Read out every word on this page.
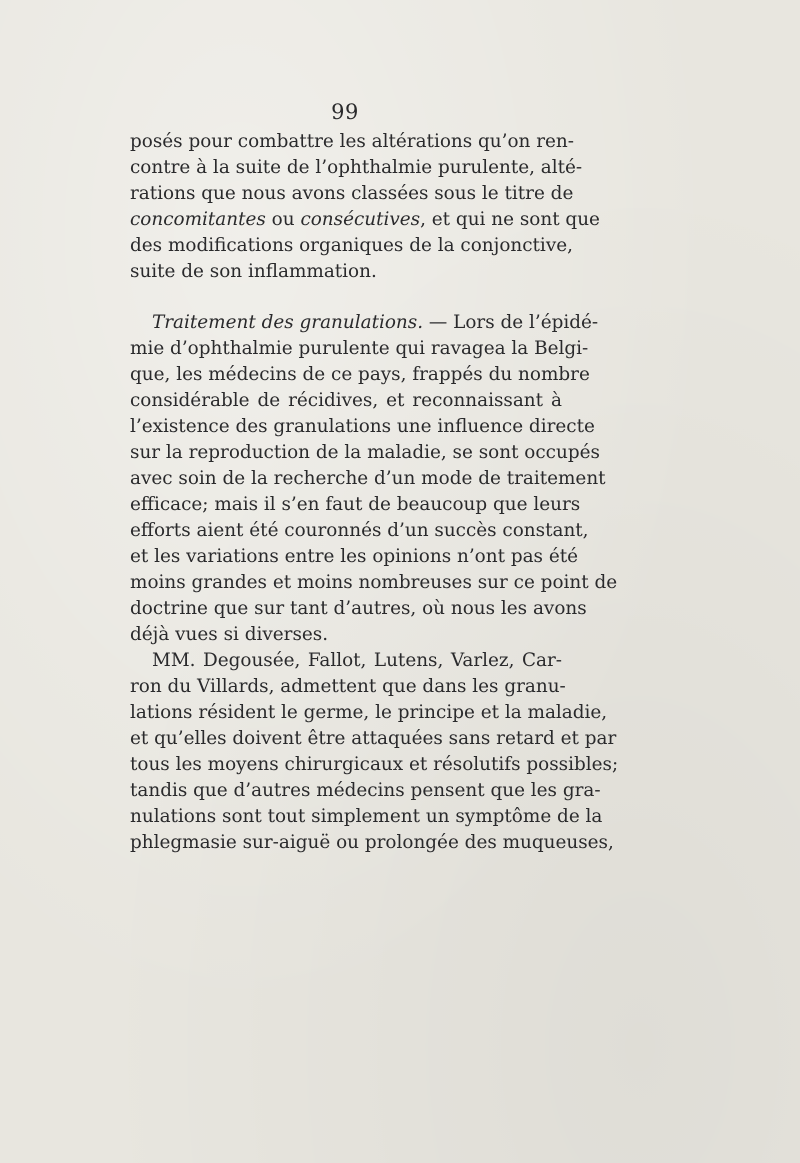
99
posés pour combattre les altérations qu’on ren-
contre à la suite de l’ophthalmie purulente, alté-
rations que nous avons classées sous le titre de
concomitantes ou consécutives, et qui ne sont que
des modifications organiques de la conjonctive,
suite de son inflammation.
Traitement des granulations. — Lors de l’épidé-
mie d’ophthalmie purulente qui ravagea la Belgi-
que, les médecins de ce pays, frappés du nombre
considérable de récidives, et reconnaissant à
l’existence des granulations une influence directe
sur la reproduction de la maladie, se sont occupés
avec soin de la recherche d’un mode de traitement
efficace; mais il s’en faut de beaucoup que leurs
efforts aient été couronnés d’un succès constant,
et les variations entre les opinions n’ont pas été
moins grandes et moins nombreuses sur ce point de
doctrine que sur tant d’autres, où nous les avons
déjà vues si diverses.
MM. Degousée, Fallot, Lutens, Varlez, Car-
ron du Villards, admettent que dans les granu-
lations résident le germe, le principe et la maladie,
et qu’elles doivent être attaquées sans retard et par
tous les moyens chirurgicaux et résolutifs possibles;
tandis que d’autres médecins pensent que les gra-
nulations sont tout simplement un symptôme de la
phlegmasie sur-aiguë ou prolongée des muqueuses,
